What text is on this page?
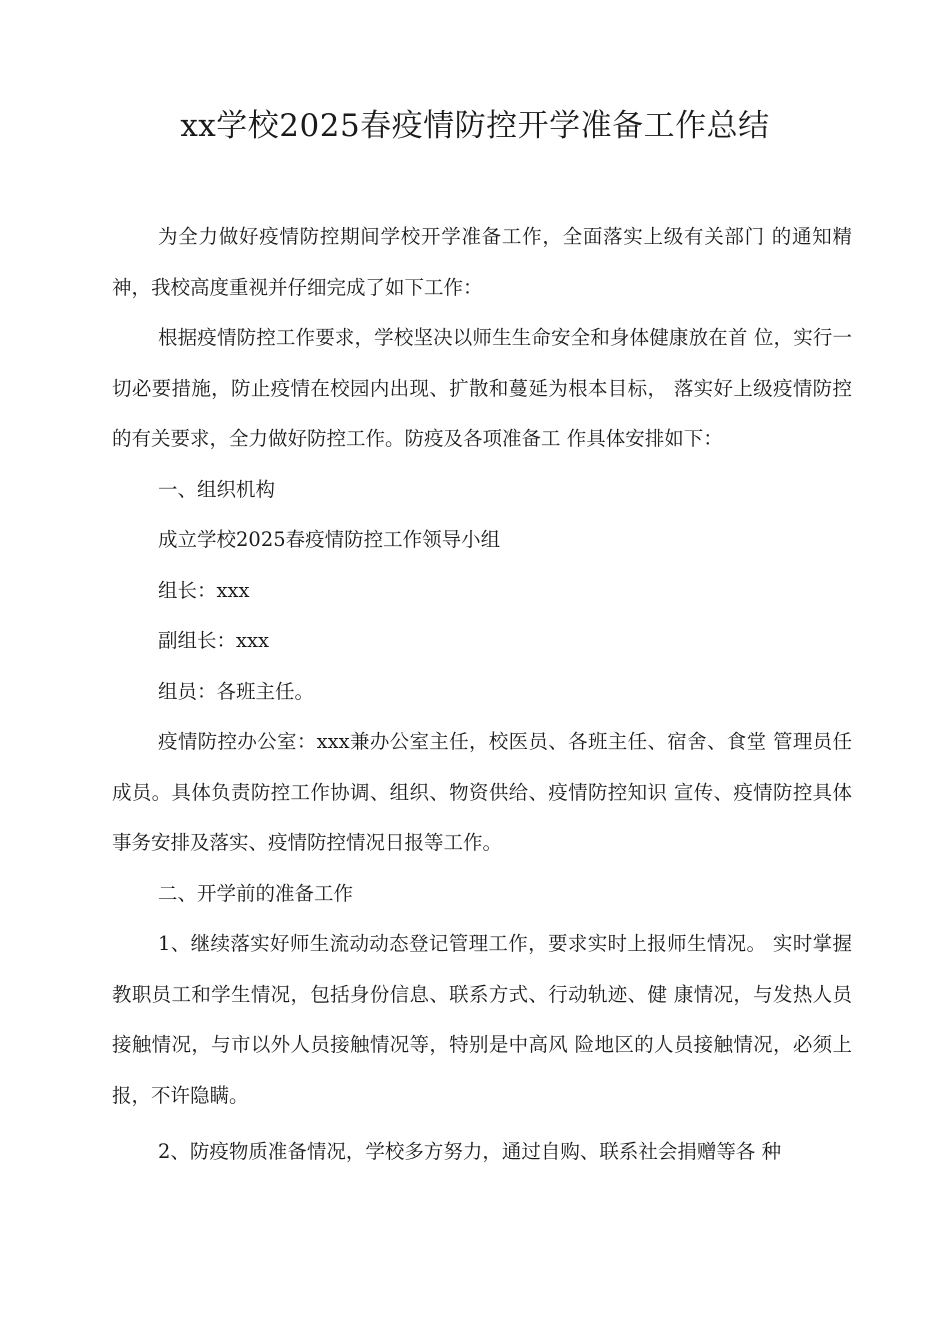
xx学校2025春疫情防控开学准备工作总结

为全力做好疫情防控期间学校开学准备工作，全面落实上级有关部门 的通知精神，我校高度重视并仔细完成了如下工作：

根据疫情防控工作要求，学校坚决以师生生命安全和身体健康放在首 位，实行一切必要措施，防止疫情在校园内出现、扩散和蔓延为根本目标， 落实好上级疫情防控的有关要求，全力做好防控工作。防疫及各项准备工 作具体安排如下：

一、组织机构

成立学校2025春疫情防控工作领导小组

组长：xxx

副组长：xxx

组员：各班主任。

疫情防控办公室：xxx兼办公室主任，校医员、各班主任、宿舍、食堂 管理员任成员。具体负责防控工作协调、组织、物资供给、疫情防控知识 宣传、疫情防控具体事务安排及落实、疫情防控情况日报等工作。

二、开学前的准备工作

1、继续落实好师生流动动态登记管理工作，要求实时上报师生情况。 实时掌握教职员工和学生情况，包括身份信息、联系方式、行动轨迹、健 康情况，与发热人员接触情况，与市以外人员接触情况等，特别是中高风 险地区的人员接触情况，必须上报，不许隐瞒。

2、防疫物质准备情况，学校多方努力，通过自购、联系社会捐赠等各 种
